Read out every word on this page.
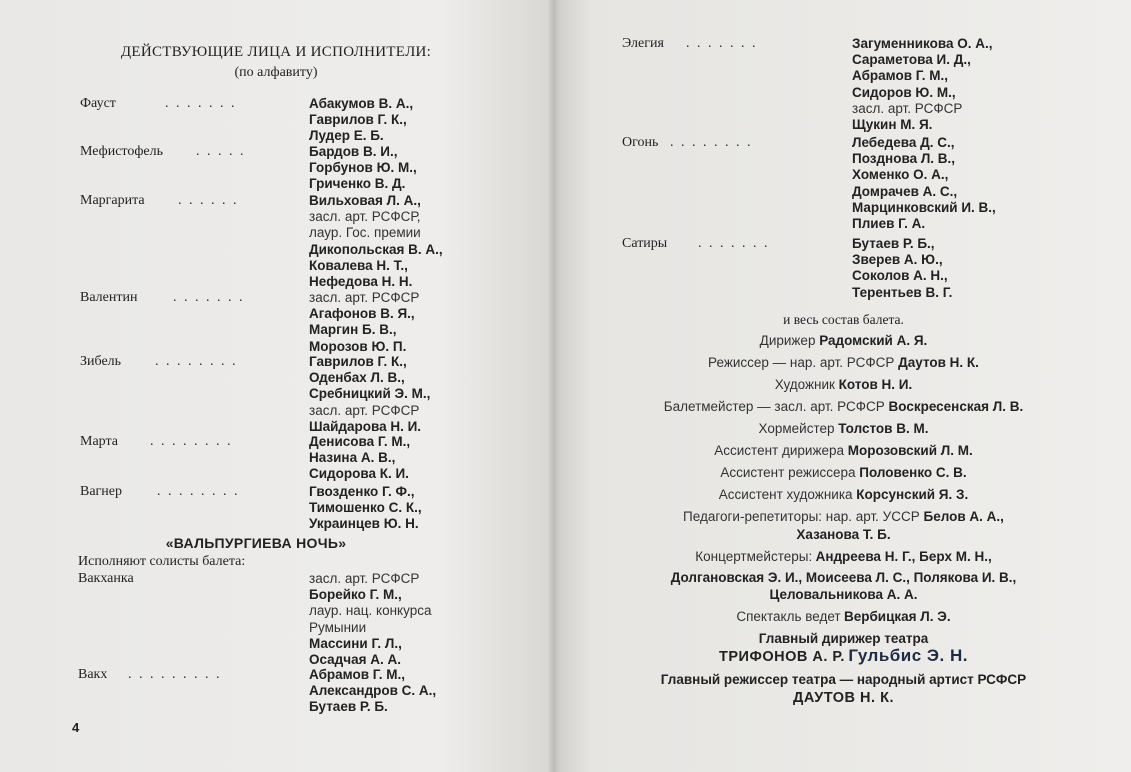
ДЕЙСТВУЮЩИЕ ЛИЦА И ИСПОЛНИТЕЛИ:
(по алфавиту)
Фауст	. . . . . . .	Абакумов В. А.,
Гаврилов Г. К.,
Лудер Е. Б.
Мефистофель . . . . .	Бардов В. И.,
Горбунов Ю. М.,
Гриченко В. Д.
Маргарита . . . . . .	Вильховая Л. А.,
засл. арт. РСФСР,
лаур. Гос. премии
Дикопольская В. А.,
Ковалева Н. Т.,
Нефедова Н. Н.
Валентин	. . . . . . .	засл. арт. РСФСР
Агафонов В. Я.,
Маргин Б. В.,
Морозов Ю. П.
Зибель . . . . . . . .	Гаврилов Г. К.,
Оденбах Л. В.,
Сребницкий Э. М.,
засл. арт. РСФСР
Шайдарова Н. И.
Марта . . . . . . . .	Денисова Г. М.,
Назина А. В.,
Сидорова К. И.
Вагнер	. . . . . . . .	Гвозденко Г. Ф.,
Тимошенко С. К.,
Украинцев Ю. Н.
«ВАЛЬПУРГИЕВА НОЧЬ»
Исполняют солисты балета:
Вакханка	засл. арт. РСФСР
Борейко Г. М.,
лаур. нац. конкурса
Румынии
Массини Г. Л.,
Осадчая А. А.
Вакх . . . . . . . . .	Абрамов Г. М.,
Александров С. А.,
Бутаев Р. Б.
4
Элегия . . . . . . .	Загуменникова О. А.,
Сараметова И. Д.,
Абрамов Г. М.,
Сидоров Ю. М.,
засл. арт. РСФСР
Щукин М. Я.
Огонь . . . . . . . .	Лебедева Д. С.,
Позднова Л. В.,
Хоменко О. А.,
Домрачев А. С.,
Марцинковский И. В.,
Плиев Г. А.
Сатиры . . . . . . .	Бутаев Р. Б.,
Зверев А. Ю.,
Соколов А. Н.,
Терентьев В. Г.
и весь состав балета.
Дирижер Радомский А. Я.
Режиссер — нар. арт. РСФСР Даутов Н. К.
Художник Котов Н. И.
Балетмейстер — засл. арт. РСФСР Воскресенская Л. В.
Хормейстер Толстов В. М.
Ассистент дирижера Морозовский Л. М.
Ассистент режиссера Половенко С. В.
Ассистент художника Корсунский Я. З.
Педагоги-репетиторы: нар. арт. УССР Белов А. А.,
Хазанова Т. Б.
Концертмейстеры: Андреева Н. Г., Берх М. Н.,
Долгановская Э. И., Моисеева Л. С., Полякова И. В.,
Целовальникова А. А.
Спектакль ведет Вербицкая Л. Э.
Главный дирижер театра
ТРИФОНОВ А. Р. Гульбис Э. Н.
Главный режиссер театра — народный артист РСФСР
ДАУТОВ Н. К.
